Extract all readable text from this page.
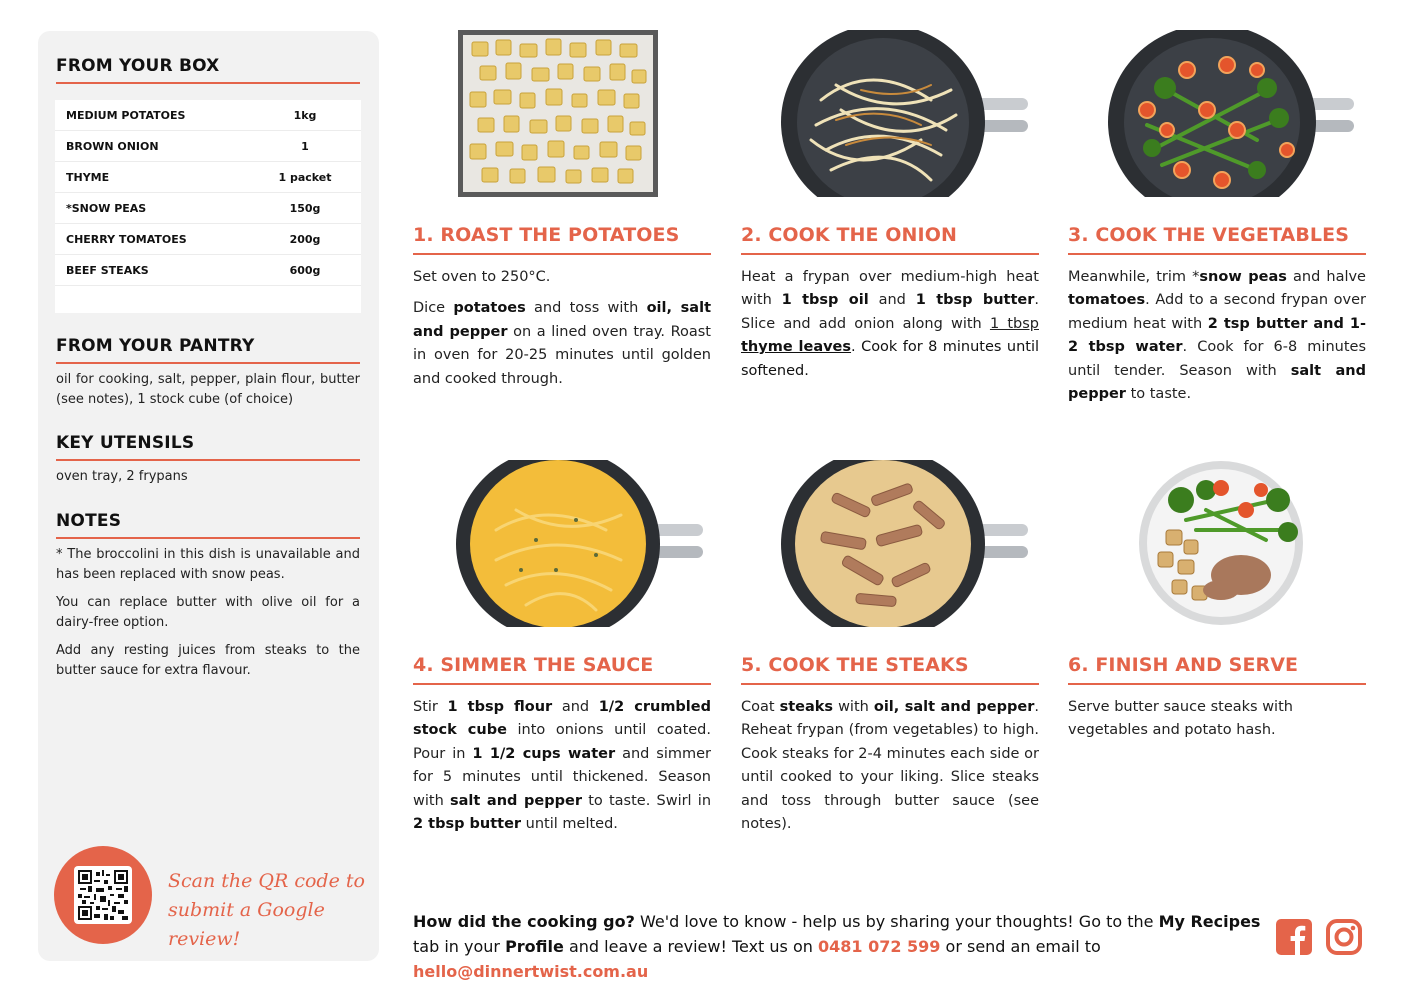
FROM YOUR BOX
MEDIUM POTATOES	1kg
BROWN ONION	1
THYME	1 packet
*SNOW PEAS	150g
CHERRY TOMATOES	200g
BEEF STEAKS	600g
FROM YOUR PANTRY
oil for cooking, salt, pepper, plain flour, butter (see notes), 1 stock cube (of choice)
KEY UTENSILS
oven tray, 2 frypans
NOTES

* The broccolini in this dish is unavailable and has been replaced with snow peas.

You can replace butter with olive oil for a dairy-free option.

Add any resting juices from steaks to the butter sauce for extra flavour.

Scan the QR code to
submit a Google review!
1. ROAST THE POTATOES

Set oven to 250°C.

Dice potatoes and toss with oil, salt and pepper on a lined oven tray. Roast in oven for 20-25 minutes until golden and cooked through.

2. COOK THE ONION

Heat a frypan over medium-high heat with 1 tbsp oil and 1 tbsp butter. Slice and add onion along with 1 tbsp thyme leaves. Cook for 8 minutes until softened.

3. COOK THE VEGETABLES

Meanwhile, trim *snow peas and halve tomatoes. Add to a second frypan over medium heat with 2 tsp butter and 1-2 tbsp water. Cook for 6-8 minutes until tender. Season with salt and pepper to taste.

4. SIMMER THE SAUCE

Stir 1 tbsp flour and 1/2 crumbled stock cube into onions until coated. Pour in 1 1/2 cups water and simmer for 5 minutes until thickened. Season with salt and pepper to taste. Swirl in 2 tbsp butter until melted.

5. COOK THE STEAKS

Coat steaks with oil, salt and pepper. Reheat frypan (from vegetables) to high. Cook steaks for 2-4 minutes each side or until cooked to your liking. Slice steaks and toss through butter sauce (see notes).

6. FINISH AND SERVE

Serve butter sauce steaks with vegetables and potato hash.

How did the cooking go? We'd love to know - help us by sharing your thoughts! Go to the My Recipes tab in your Profile and leave a review! Text us on 0481 072 599 or send an email to hello@dinnertwist.com.au
